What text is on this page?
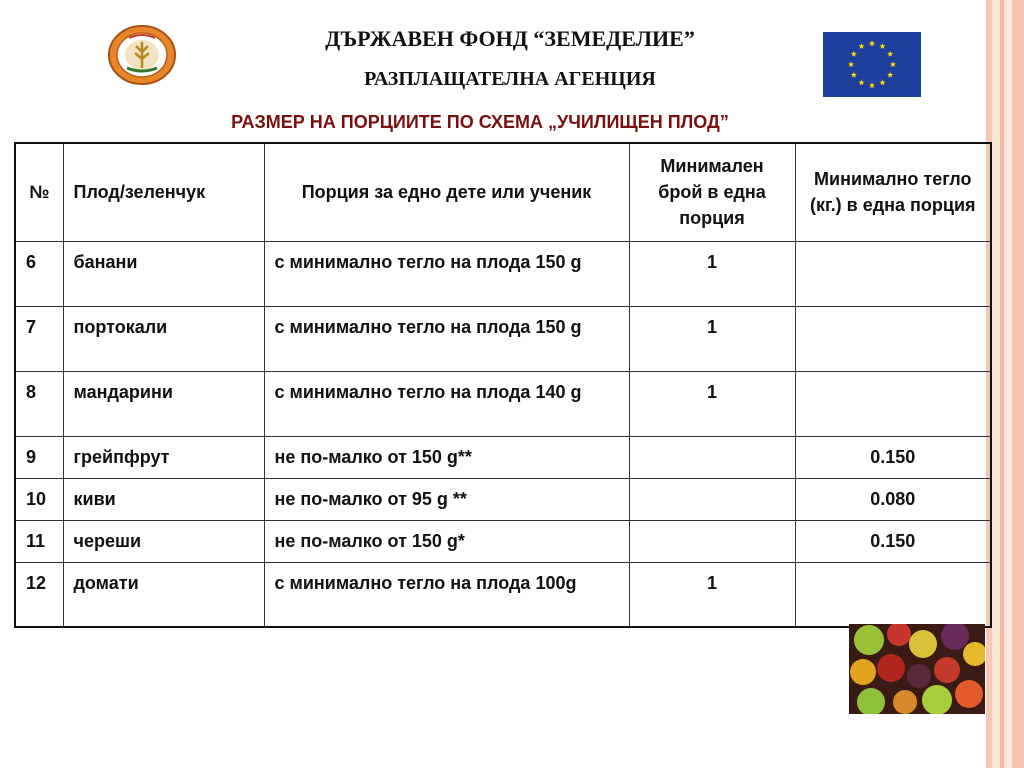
ДЪРЖАВЕН ФОНД “ЗЕМЕДЕЛИЕ”
РАЗПЛАЩАТЕЛНА АГЕНЦИЯ
РАЗМЕР НА ПОРЦИИТЕ ПО СХЕМА „УЧИЛИЩЕН ПЛОД”
№	Плод/зеленчук	Порция за едно дете или ученик	Минимален брой в една порция	Минимално тегло (кг.) в една порция
6	банани	с минимално тегло на плода 150 g	1	
7	портокали	с минимално тегло на плода 150 g	1	
8	мандарини	с минимално тегло на плода 140 g	1	
9	грейпфрут	не по-малко от 150 g**		0.150
10	киви	не по-малко от 95 g **		0.080
11	череши	не по-малко от 150 g*		0.150
12	домати	с минимално тегло на плода 100g	1	
